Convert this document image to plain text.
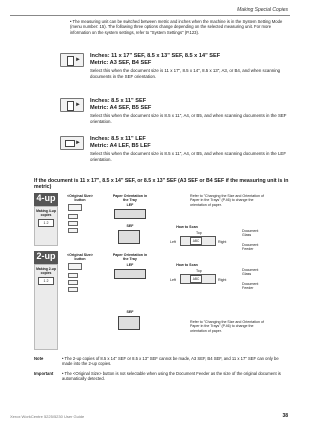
Making Special Copies
• The measuring unit can be switched between metric and inches when the machine is in the System Setting Mode (menu number: 15). The following three options change depending on the selected measuring unit. For more information on the system settings, refer to "System Settings" (P.123).
►
Inches: 11 x 17" SEF, 8.5 x 13" SEF, 8.5 x 14" SEF
Metric: A3 SEF, B4 SEF
Select this when the document size is 11 x 17", 8.5 x 14", 8.5 x 13", A3, or B4, and when scanning documents in the SEF orientation.
►
Inches: 8.5 x 11" SEF
Metric: A4 SEF, B5 SEF
Select this when the document size is 8.5 x 11", A4, or B5, and when scanning documents in the SEF orientation.
►
Inches: 8.5 x 11" LEF
Metric: A4 LEF, B5 LEF
Select this when the document size is 8.5 x 11", A4, or B5, and when scanning documents in the LEF orientation.
If the document is 11 x 17", 8.5 x 14" SEF, or 8.5 x 13" SEF (A3 SEF or B4 SEF if the measuring unit is in metric)
4-up
Making 4-up copies
1 2
<Original Size> button
Paper Orientation in the Tray
LEF
SEF	How to Scan
Top
Left	Right
ABC
Document Glass
Document Feeder
Refer to "Changing the Size and Orientation of Paper in the Trays" (P.46) to change the orientation of paper.
2-up
Making 2-up copies
1 2
<Original Size> button
Paper Orientation in the Tray
LEF
SEF
How to Scan
Top
Left	Right
ABC
Document Glass
Document Feeder
Refer to "Changing the Size and Orientation of Paper in the Trays" (P.46) to change the orientation of paper.
Note	• The 2-up copies of 8.5 x 14" SEF or 8.5 x 13" SEF cannot be made, A3 SEF, B4 SEF, and 11 x 17" SEF can only be made into the 2-up copies.
Important • The <Original Size> button is not selectable when using the Document Feeder as the size of the original document is automatically detected.
Xerox WorkCentre 5225/5230 User Guide	38
